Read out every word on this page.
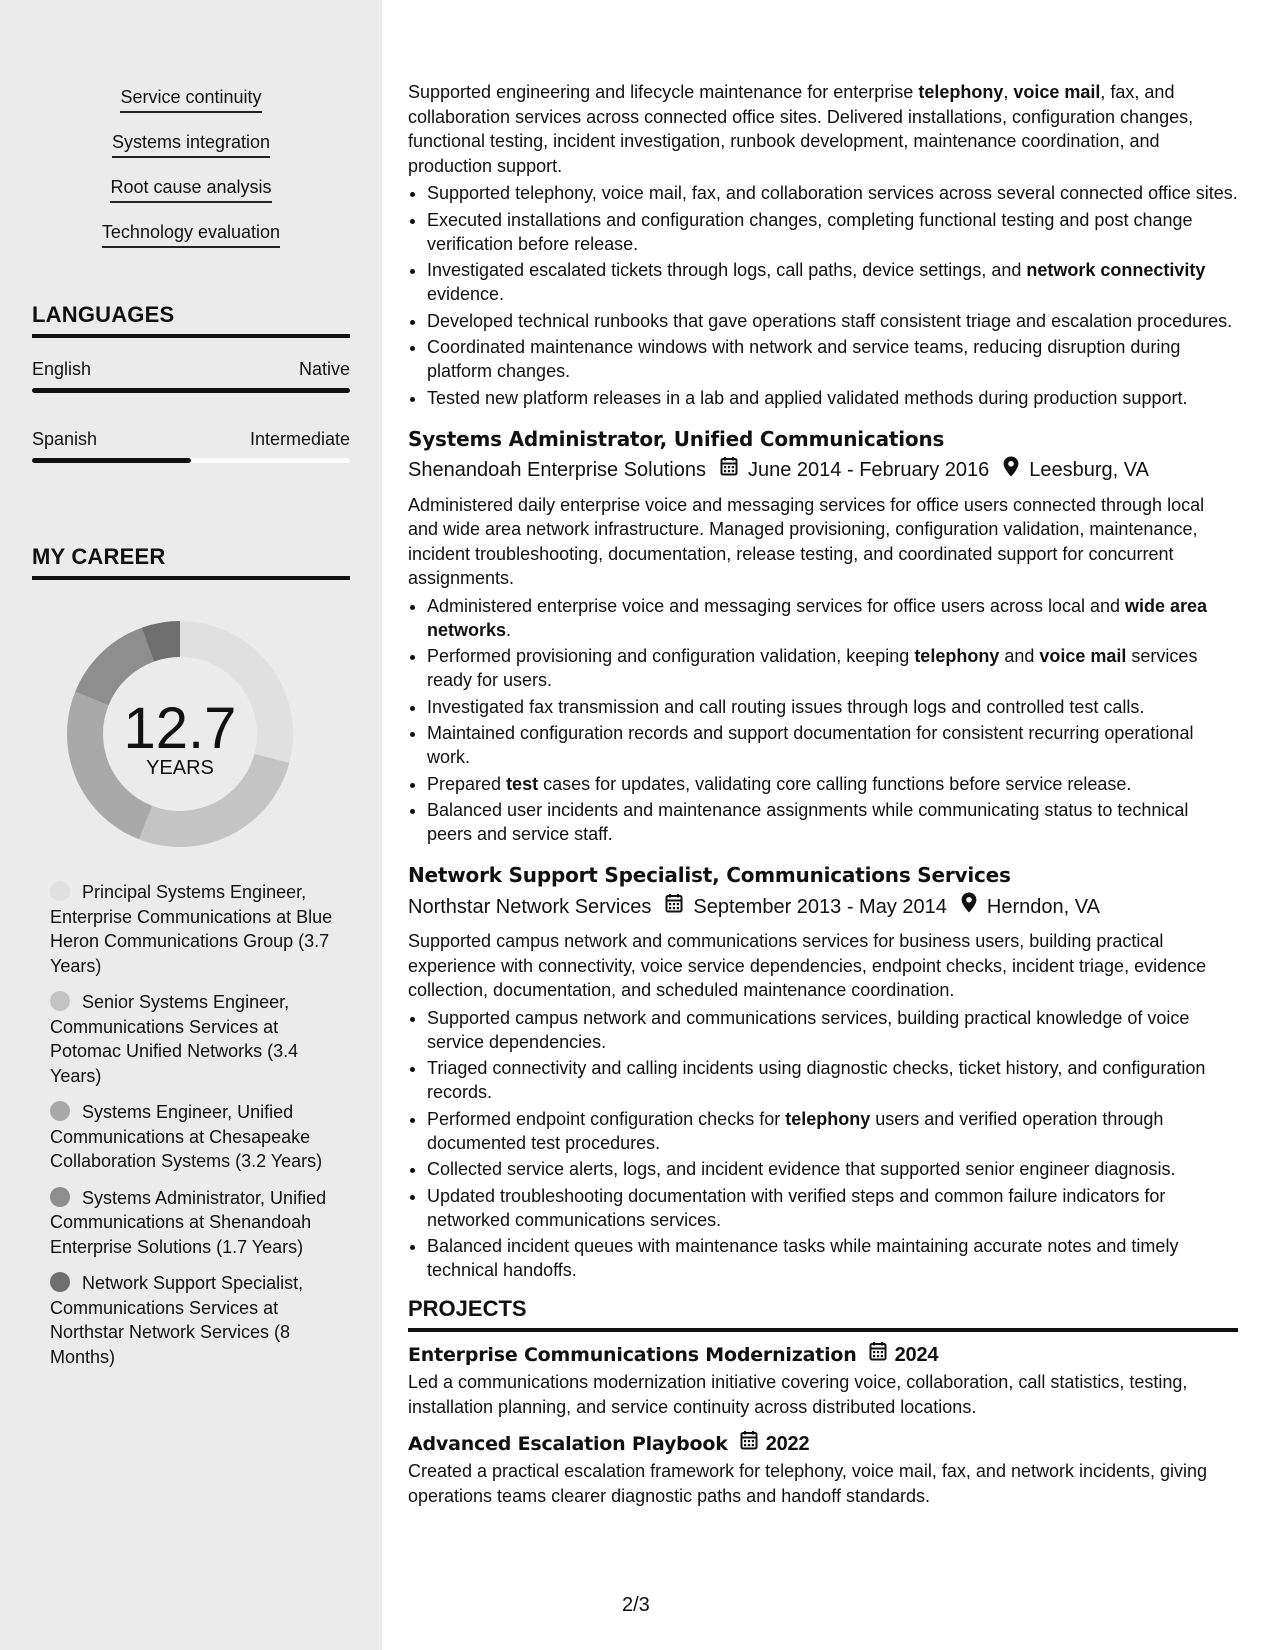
Service continuity
Systems integration
Root cause analysis
Technology evaluation
LANGUAGES
English	Native
Spanish	Intermediate
MY CAREER
12.7
YEARS
Principal Systems Engineer, Enterprise Communications at Blue Heron Communications Group (3.7 Years)
Senior Systems Engineer, Communications Services at Potomac Unified Networks (3.4 Years)
Systems Engineer, Unified Communications at Chesapeake Collaboration Systems (3.2 Years)
Systems Administrator, Unified Communications at Shenandoah Enterprise Solutions (1.7 Years)
Network Support Specialist, Communications Services at Northstar Network Services (8 Months)

Supported engineering and lifecycle maintenance for enterprise telephony, voice mail, fax, and collaboration services across connected office sites. Delivered installations, configuration changes, functional testing, incident investigation, runbook development, maintenance coordination, and production support.

• Supported telephony, voice mail, fax, and collaboration services across several connected office sites.
• Executed installations and configuration changes, completing functional testing and post change verification before release.
• Investigated escalated tickets through logs, call paths, device settings, and network connectivity evidence.
• Developed technical runbooks that gave operations staff consistent triage and escalation procedures.
• Coordinated maintenance windows with network and service teams, reducing disruption during platform changes.
• Tested new platform releases in a lab and applied validated methods during production support.
Systems Administrator, Unified Communications
Shenandoah Enterprise Solutions June 2014 - February 2016 Leesburg, VA

Administered daily enterprise voice and messaging services for office users connected through local and wide area network infrastructure. Managed provisioning, configuration validation, maintenance, incident troubleshooting, documentation, release testing, and coordinated support for concurrent assignments.

• Administered enterprise voice and messaging services for office users across local and wide area networks.
• Performed provisioning and configuration validation, keeping telephony and voice mail services ready for users.
• Investigated fax transmission and call routing issues through logs and controlled test calls.
• Maintained configuration records and support documentation for consistent recurring operational work.
• Prepared test cases for updates, validating core calling functions before service release.
• Balanced user incidents and maintenance assignments while communicating status to technical peers and service staff.
Network Support Specialist, Communications Services
Northstar Network Services September 2013 - May 2014 Herndon, VA

Supported campus network and communications services for business users, building practical experience with connectivity, voice service dependencies, endpoint checks, incident triage, evidence collection, documentation, and scheduled maintenance coordination.

• Supported campus network and communications services, building practical knowledge of voice service dependencies.
• Triaged connectivity and calling incidents using diagnostic checks, ticket history, and configuration records.
• Performed endpoint configuration checks for telephony users and verified operation through documented test procedures.
• Collected service alerts, logs, and incident evidence that supported senior engineer diagnosis.
• Updated troubleshooting documentation with verified steps and common failure indicators for networked communications services.
• Balanced incident queues with maintenance tasks while maintaining accurate notes and timely technical handoffs.
PROJECTS
Enterprise Communications Modernization 2024

Led a communications modernization initiative covering voice, collaboration, call statistics, testing, installation planning, and service continuity across distributed locations.

Advanced Escalation Playbook 2022

Created a practical escalation framework for telephony, voice mail, fax, and network incidents, giving operations teams clearer diagnostic paths and handoff standards.

2/3
